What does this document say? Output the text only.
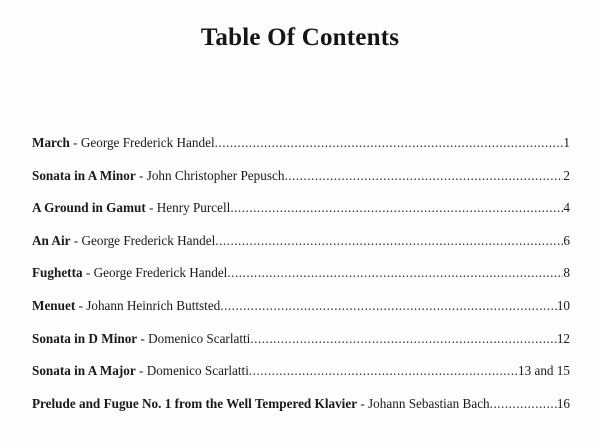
Table Of Contents
March - George Frederick Handel .....	1
Sonata in A Minor - John Christopher Pepusch .....	2
A Ground in Gamut - Henry Purcell .....	4
An Air - George Frederick Handel .....	6
Fughetta - George Frederick Handel .....	8
Menuet - Johann Heinrich Buttsted .....	10
Sonata in D Minor - Domenico Scarlatti .....	12
Sonata in A Major - Domenico Scarlatti .....	13 and 15
Prelude and Fugue No. 1 from the Well Tempered Klavier - Johann Sebastian Bach .....	16
